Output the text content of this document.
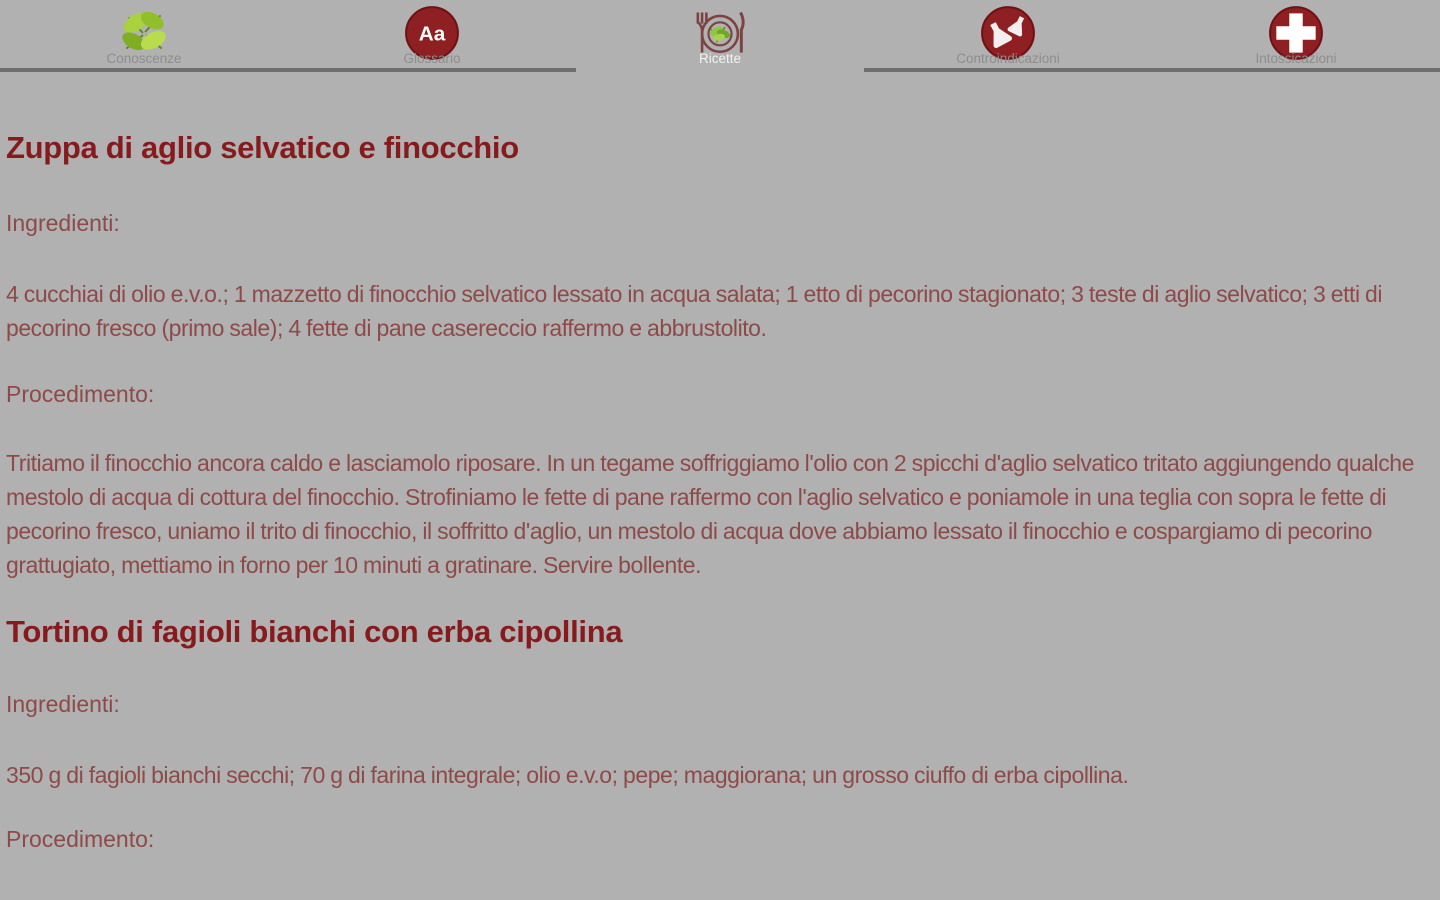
Conoscenze
Aa
Glossario	Ricette	Controindicazioni	Intossicazioni
Zuppa di aglio selvatico e finocchio

Ingredienti:

4 cucchiai di olio e.v.o.; 1 mazzetto di finocchio selvatico lessato in acqua salata; 1 etto di pecorino stagionato; 3 teste di aglio selvatico; 3 etti di pecorino fresco (primo sale); 4 fette di pane casereccio raffermo e abbrustolito.

Procedimento:

Tritiamo il finocchio ancora caldo e lasciamolo riposare. In un tegame soffriggiamo l'olio con 2 spicchi d'aglio selvatico tritato aggiungendo qualche mestolo di acqua di cottura del finocchio. Strofiniamo le fette di pane raffermo con l'aglio selvatico e poniamole in una teglia con sopra le fette di pecorino fresco, uniamo il trito di finocchio, il soffritto d'aglio, un mestolo di acqua dove abbiamo lessato il finocchio e cospargiamo di pecorino grattugiato, mettiamo in forno per 10 minuti a gratinare. Servire bollente.

Tortino di fagioli bianchi con erba cipollina

Ingredienti:

350 g di fagioli bianchi secchi; 70 g di farina integrale; olio e.v.o; pepe; maggiorana; un grosso ciuffo di erba cipollina.

Procedimento:
